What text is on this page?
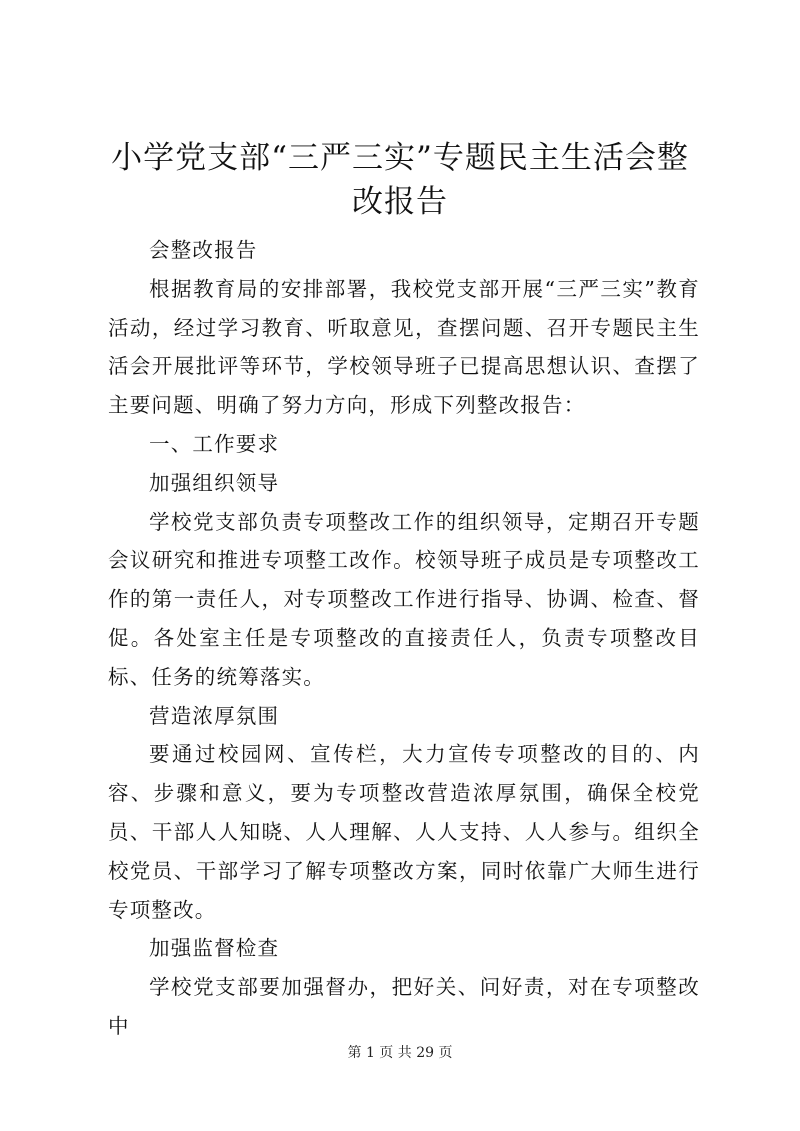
小学党支部“三严三实”专题民主生活会整改报告

会整改报告

根据教育局的安排部署，我校党支部开展“三严三实”教育活动，经过学习教育、听取意见，查摆问题、召开专题民主生活会开展批评等环节，学校领导班子已提高思想认识、查摆了主要问题、明确了努力方向，形成下列整改报告：

一、工作要求

加强组织领导

学校党支部负责专项整改工作的组织领导，定期召开专题会议研究和推进专项整工改作。校领导班子成员是专项整改工作的第一责任人，对专项整改工作进行指导、协调、检查、督促。各处室主任是专项整改的直接责任人，负责专项整改目标、任务的统筹落实。

营造浓厚氛围

要通过校园网、宣传栏，大力宣传专项整改的目的、内容、步骤和意义，要为专项整改营造浓厚氛围，确保全校党员、干部人人知晓、人人理解、人人支持、人人参与。组织全校党员、干部学习了解专项整改方案，同时依靠广大师生进行专项整改。

加强监督检查

学校党支部要加强督办，把好关、问好责，对在专项整改中

第 1 页 共 29 页
